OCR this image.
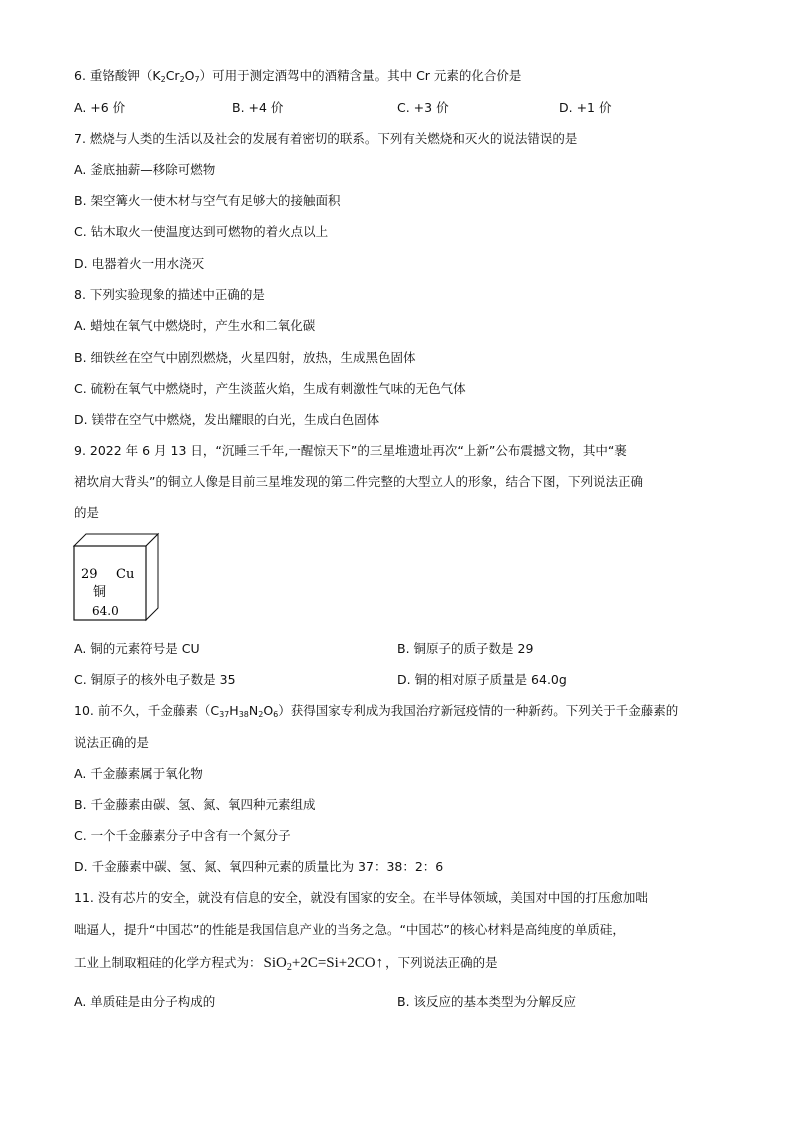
6. 重铬酸钾$(K_2Cr_2O_7)$可用于测定酒驾中的酒精含量。其中 Cr 元素的化合价是
A. +6 价	B. +4 价	C. +3 价	D. +1 价
7. 燃烧与人类的生活以及社会的发展有着密切的联系。下列有关燃烧和灭火的说法错误的是
A. 釜底抽薪—移除可燃物
B. 架空篝火一使木材与空气有足够大的接触面积
C. 钻木取火一使温度达到可燃物的着火点以上
D. 电器着火一用水浇灭
8. 下列实验现象的描述中正确的是
A. 蜡烛在氧气中燃烧时，产生水和二氧化碳
B. 细铁丝在空气中剧烈燃烧，火星四射，放热，生成黑色固体
C. 硫粉在氧气中燃烧时，产生淡蓝火焰，生成有刺激性气味的无色气体
D. 镁带在空气中燃烧，发出耀眼的白光，生成白色固体
9. 2022 年 6 月 13 日，“沉睡三千年,一醒惊天下”的三星堆遗址再次“上新”公布震撼文物，其中“裹
裙坎肩大背头”的铜立人像是目前三星堆发现的第二件完整的大型立人的形象，结合下图，下列说法正确
的是
29 Cu
铜
64.0
A. 铜的元素符号是 CU	B. 铜原子的质子数是 29
C. 铜原子的核外电子数是 35	D. 铜的相对原子质量是 64.0g
10. 前不久，千金藤素$(C_{37}H_{38}N_2O_6)$获得国家专利成为我国治疗新冠疫情的一种新药。下列关于千金藤素的
说法正确的是
A. 千金藤素属于氧化物
B. 千金藤素由碳、氢、氮、氧四种元素组成
C. 一个千金藤素分子中含有一个氮分子
D. 千金藤素中碳、氢、氮、氧四种元素的质量比为 37：38：2：6
11. 没有芯片的安全，就没有信息的安全，就没有国家的安全。在半导体领域，美国对中国的打压愈加咄
咄逼人，提升“中国芯”的性能是我国信息产业的当务之急。“中国芯”的核心材料是高纯度的单质硅，
工业上制取粗硅的化学方程式为： SiO$_2$+2C=Si+2CO↑ ，下列说法正确的是
A. 单质硅是由分子构成的	B. 该反应的基本类型为分解反应
